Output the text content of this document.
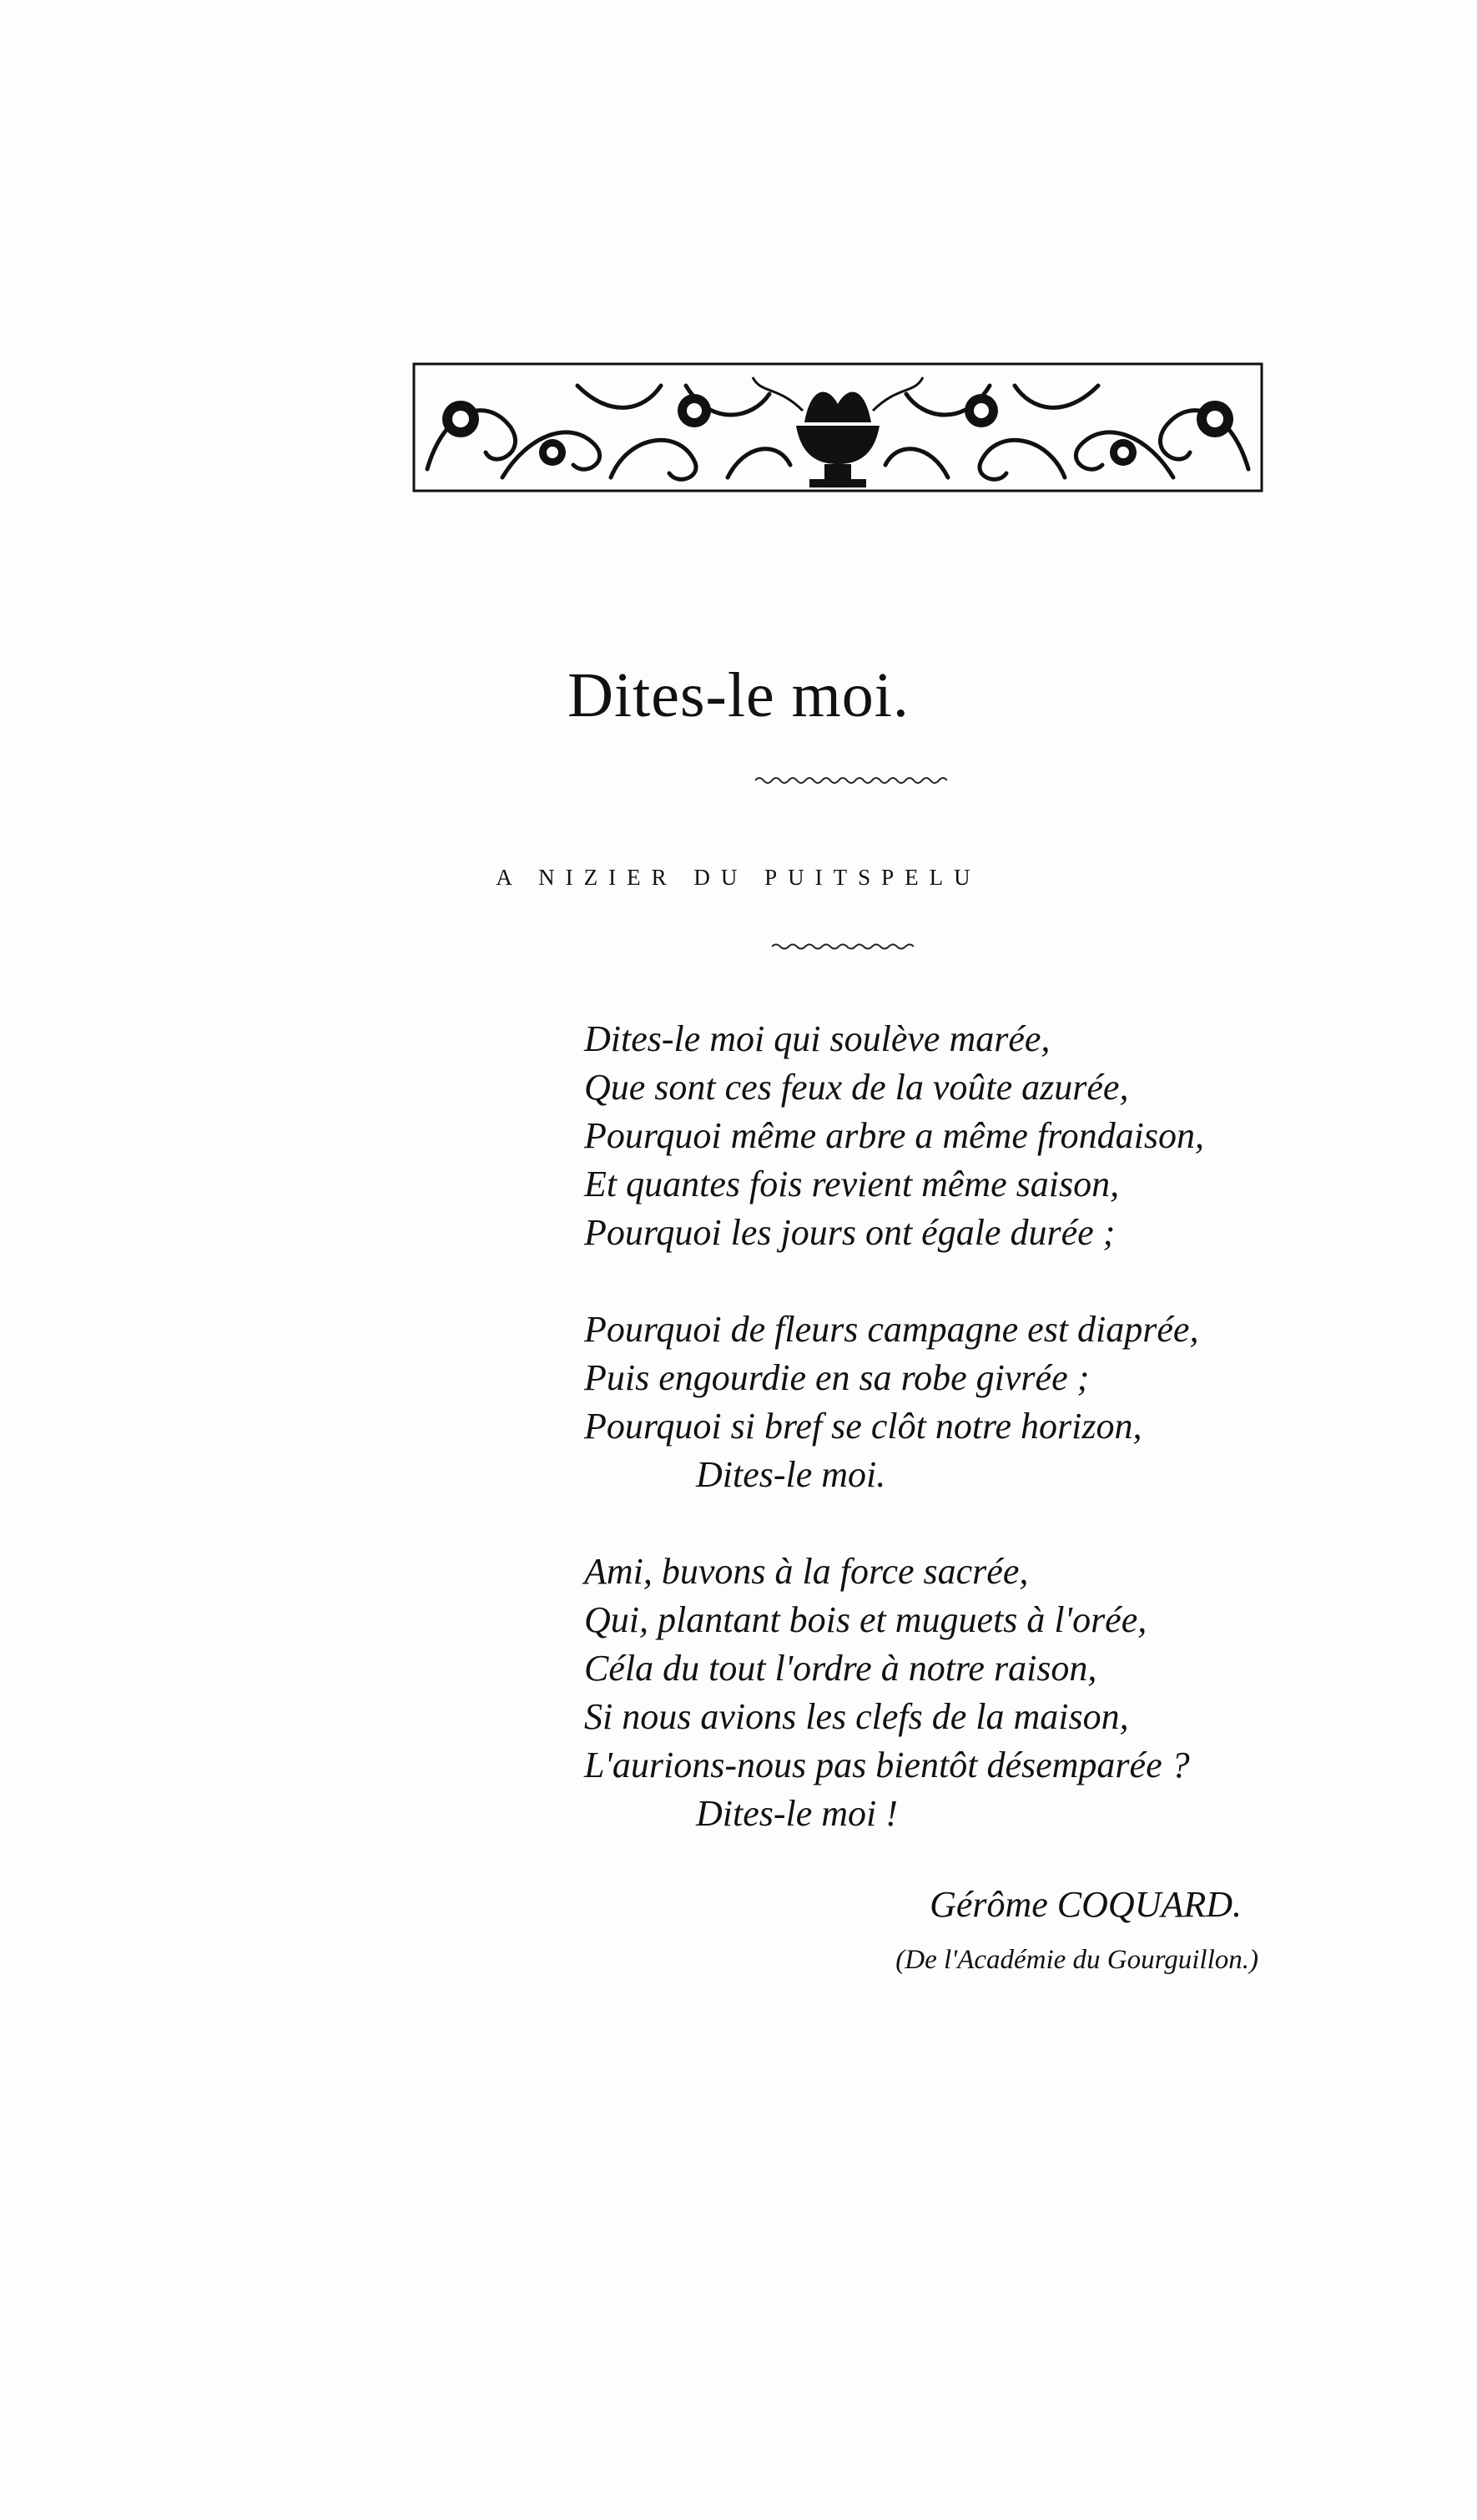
Dites-le moi.
A NIZIER DU PUITSPELU
Dites-le moi qui soulève marée,
Que sont ces feux de la voûte azurée,
Pourquoi même arbre a même frondaison,
Et quantes fois revient même saison,
Pourquoi les jours ont égale durée ;
Pourquoi de fleurs campagne est diaprée,
Puis engourdie en sa robe givrée ;
Pourquoi si bref se clôt notre horizon,
Dites-le moi.
Ami, buvons à la force sacrée,
Qui, plantant bois et muguets à l'orée,
Céla du tout l'ordre à notre raison,
Si nous avions les clefs de la maison,
L'aurions-nous pas bientôt désemparée ?
Dites-le moi !
Gérôme COQUARD.
(De l'Académie du Gourguillon.)
